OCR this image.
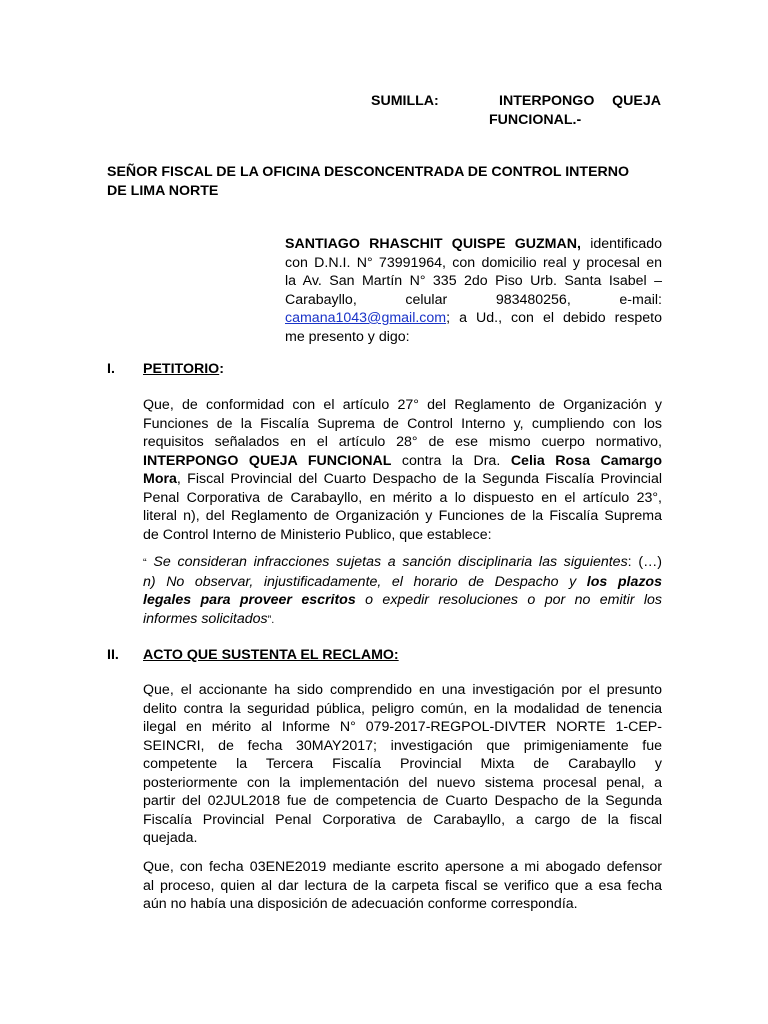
SUMILLA:	INTERPONGO QUEJA
FUNCIONAL.-
SEÑOR FISCAL DE LA OFICINA DESCONCENTRADA DE CONTROL INTERNO
DE LIMA NORTE
SANTIAGO RHASCHIT QUISPE GUZMAN, identificado
con D.N.I. N° 73991964, con domicilio real y procesal en
la Av. San Martín N° 335 2do Piso Urb. Santa Isabel –
Carabayllo,	celular	983480256,	e-mail:
camana1043@gmail.com; a Ud., con el debido respeto
me presento y digo:
I. PETITORIO:
Que, de conformidad con el artículo 27° del Reglamento de Organización y
Funciones de la Fiscalía Suprema de Control Interno y, cumpliendo con los
requisitos señalados en el artículo 28° de ese mismo cuerpo normativo,
INTERPONGO QUEJA FUNCIONAL contra la Dra. Celia Rosa Camargo
Mora, Fiscal Provincial del Cuarto Despacho de la Segunda Fiscalía Provincial
Penal Corporativa de Carabayllo, en mérito a lo dispuesto en el artículo 23°,
literal n), del Reglamento de Organización y Funciones de la Fiscalía Suprema
de Control Interno de Ministerio Publico, que establece:
“ Se consideran infracciones sujetas a sanción disciplinaria las siguientes: (…)
n) No observar, injustificadamente, el horario de Despacho y los plazos
legales para proveer escritos o expedir resoluciones o por no emitir los
informes solicitados”.
II. ACTO QUE SUSTENTA EL RECLAMO:
Que, el accionante ha sido comprendido en una investigación por el presunto
delito contra la seguridad pública, peligro común, en la modalidad de tenencia
ilegal en mérito al Informe N° 079-2017-REGPOL-DIVTER NORTE 1-CEP-
SEINCRI, de fecha 30MAY2017; investigación que primigeniamente fue
competente la Tercera Fiscalía Provincial Mixta de Carabayllo y
posteriormente con la implementación del nuevo sistema procesal penal, a
partir del 02JUL2018 fue de competencia de Cuarto Despacho de la Segunda
Fiscalía Provincial Penal Corporativa de Carabayllo, a cargo de la fiscal
quejada.
Que, con fecha 03ENE2019 mediante escrito apersone a mi abogado defensor
al proceso, quien al dar lectura de la carpeta fiscal se verifico que a esa fecha
aún no había una disposición de adecuación conforme correspondía.
